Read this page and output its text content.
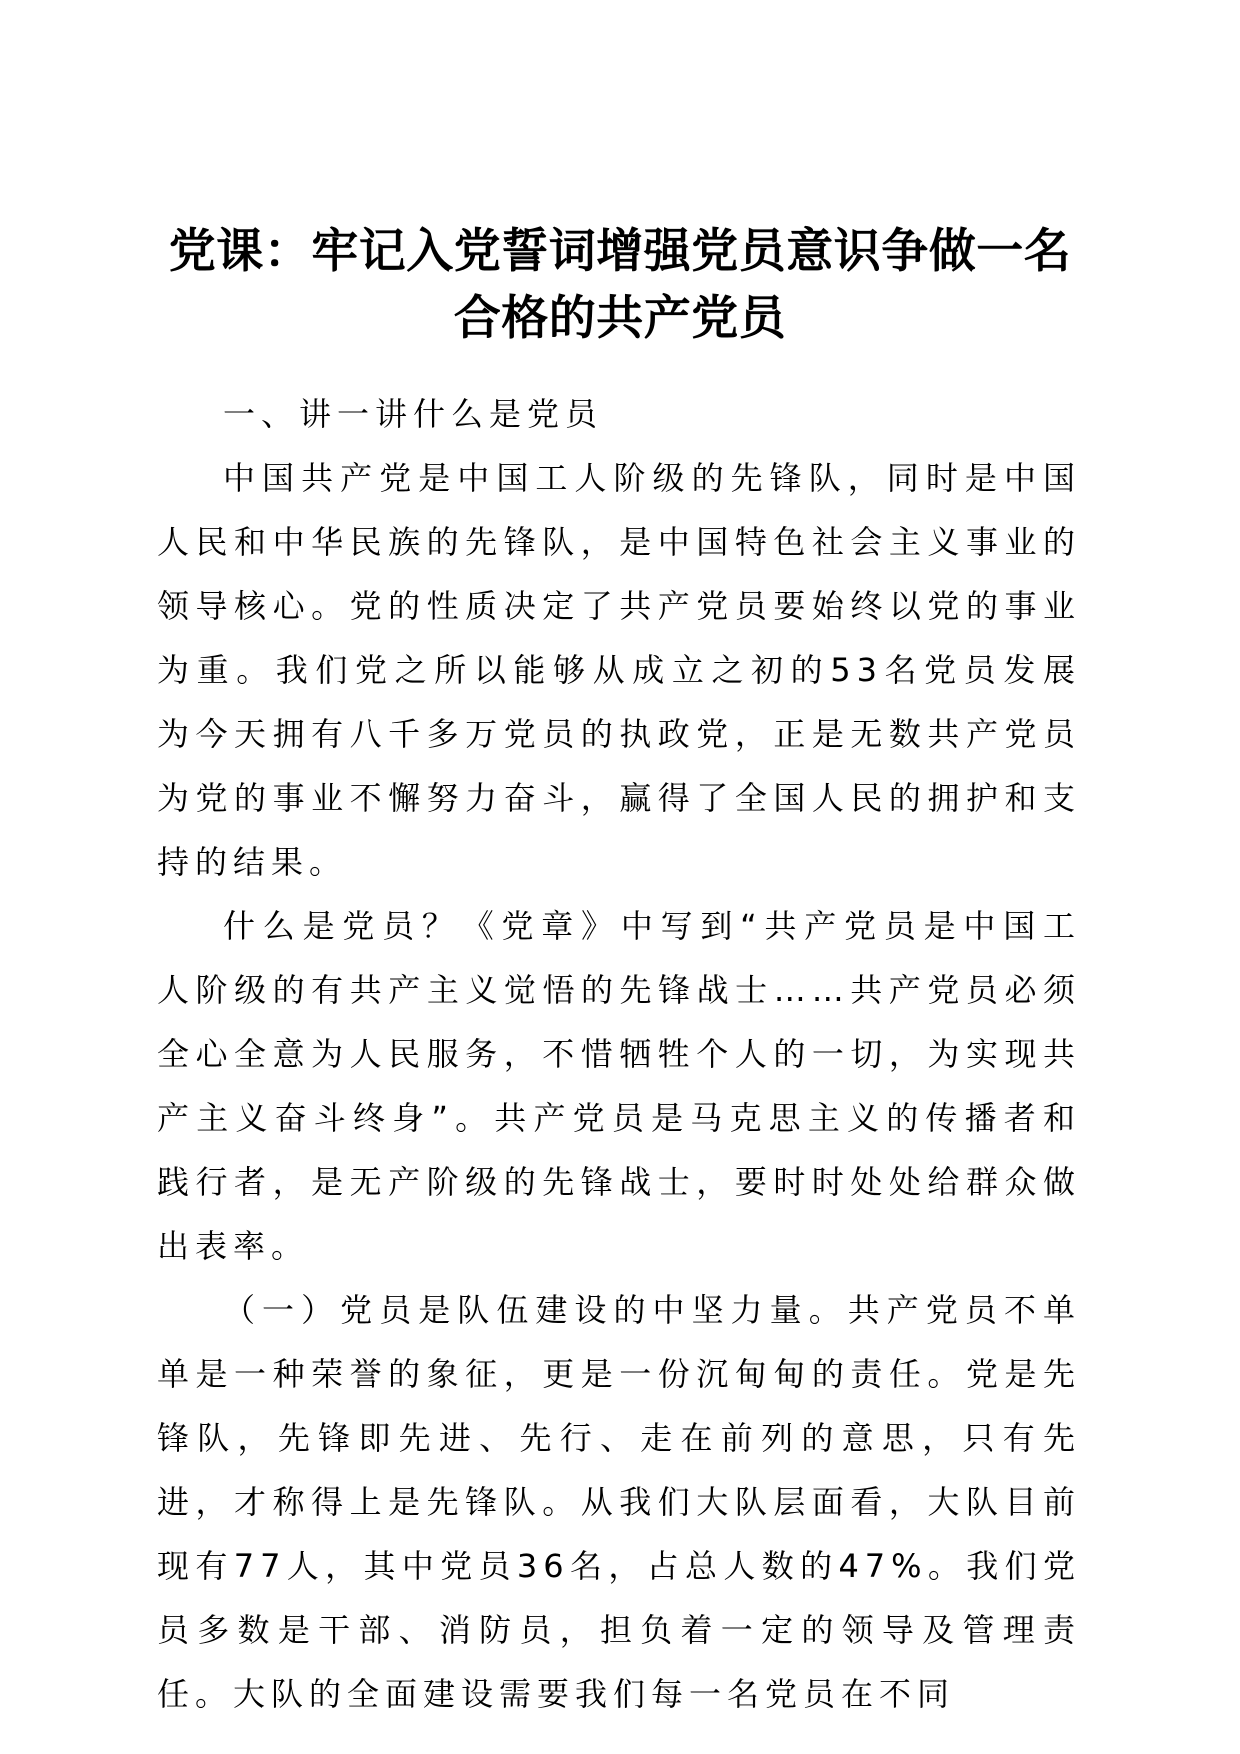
党课：牢记入党誓词增强党员意识争做一名合格的共产党员

一、讲一讲什么是党员

中国共产党是中国工人阶级的先锋队，同时是中国人民和中华民族的先锋队，是中国特色社会主义事业的领导核心。党的性质决定了共产党员要始终以党的事业为重。我们党之所以能够从成立之初的53名党员发展为今天拥有八千多万党员的执政党，正是无数共产党员为党的事业不懈努力奋斗，赢得了全国人民的拥护和支持的结果。

什么是党员？《党章》中写到“共产党员是中国工人阶级的有共产主义觉悟的先锋战士……共产党员必须全心全意为人民服务，不惜牺牲个人的一切，为实现共产主义奋斗终身”。共产党员是马克思主义的传播者和践行者，是无产阶级的先锋战士，要时时处处给群众做出表率。

（一）党员是队伍建设的中坚力量。共产党员不单单是一种荣誉的象征，更是一份沉甸甸的责任。党是先锋队，先锋即先进、先行、走在前列的意思，只有先进，才称得上是先锋队。从我们大队层面看，大队目前现有77人，其中党员36名，占总人数的47%。我们党员多数是干部、消防员，担负着一定的领导及管理责任。大队的全面建设需要我们每一名党员在不同
